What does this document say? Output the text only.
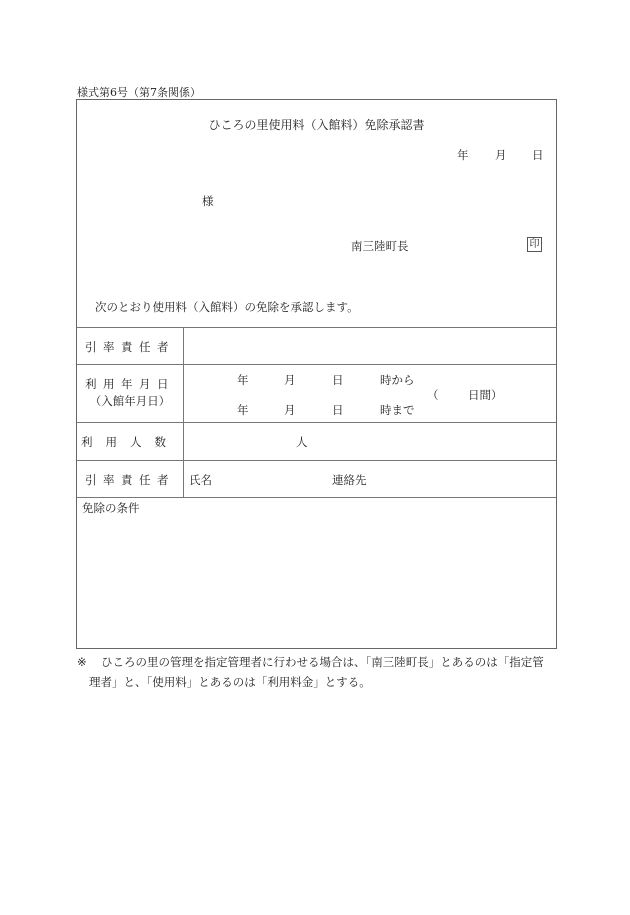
様式第6号（第7条関係）
ひころの里使用料（入館料）免除承認書
年 月 日
様
南三陸町長	印
次のとおり使用料（入館料）の免除を承認します。
引率責任者
利用年月日
（入館年月日）
年	月	日	時から
年	月	日	時まで
（	日間）
利用人数	人
引率責任者	氏名	連絡先
免除の条件
※ ひころの里の管理を指定管理者に行わせる場合は、「南三陸町長」とあるのは「指定管
理者」と、「使用料」とあるのは「利用料金」とする。
